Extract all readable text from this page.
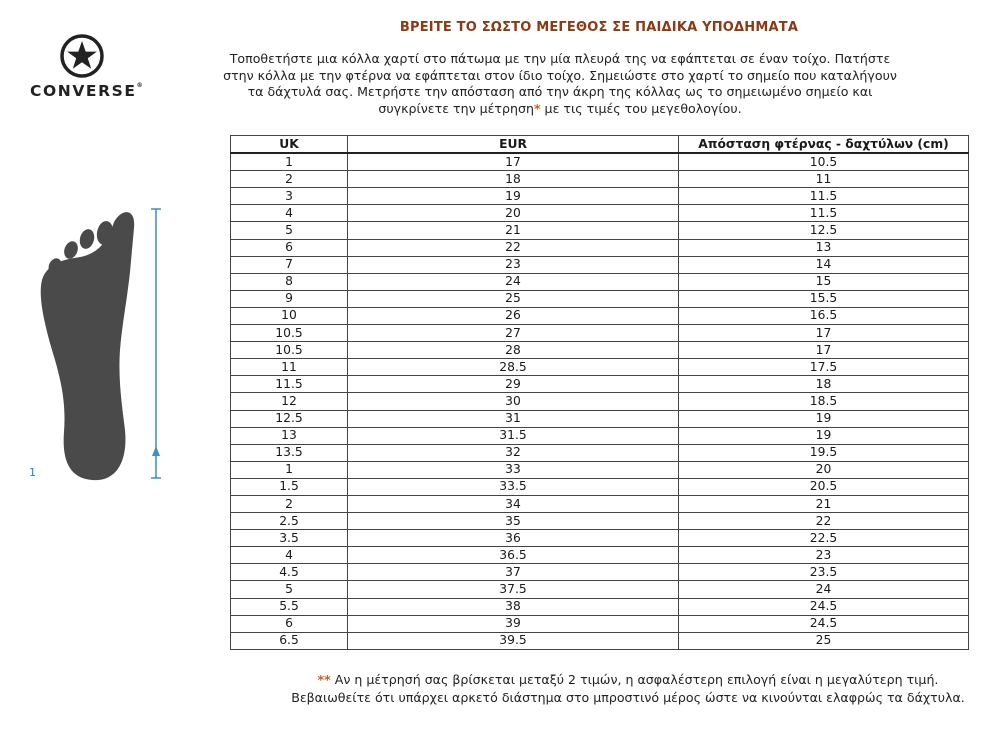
ΒΡΕΙΤΕ ΤΟ ΣΩΣΤΟ ΜΕΓΕΘΟΣ ΣΕ ΠΑΙΔΙΚΑ ΥΠΟΔΗΜΑΤΑ
Τοποθετήστε μια κόλλα χαρτί στο πάτωμα με την μία πλευρά της να εφάπτεται σε έναν τοίχο. Πατήστε
στην κόλλα με την φτέρνα να εφάπτεται στον ίδιο τοίχο. Σημειώστε στο χαρτί το σημείο που καταλήγουν
τα δάχτυλά σας. Μετρήστε την απόσταση από την άκρη της κόλλας ως το σημειωμένο σημείο και
συγκρίνετε την μέτρηση* με τις τιμές του μεγεθολογίου.
CONVERSE®
1
UK	EUR	Απόσταση φτέρνας - δαχτύλων (cm)
1	17	10.5
2	18	11
3	19	11.5
4	20	11.5
5	21	12.5
6	22	13
7	23	14
8	24	15
9	25	15.5
10	26	16.5
10.5	27	17
10.5	28	17
11	28.5	17.5
11.5	29	18
12	30	18.5
12.5	31	19
13	31.5	19
13.5	32	19.5
1	33	20
1.5	33.5	20.5
2	34	21
2.5	35	22
3.5	36	22.5
4	36.5	23
4.5	37	23.5
5	37.5	24
5.5	38	24.5
6	39	24.5
6.5	39.5	25
** Αν η μέτρησή σας βρίσκεται μεταξύ 2 τιμών, η ασφαλέστερη επιλογή είναι η μεγαλύτερη τιμή.
Βεβαιωθείτε ότι υπάρχει αρκετό διάστημα στο μπροστινό μέρος ώστε να κινούνται ελαφρώς τα δάχτυλα.
